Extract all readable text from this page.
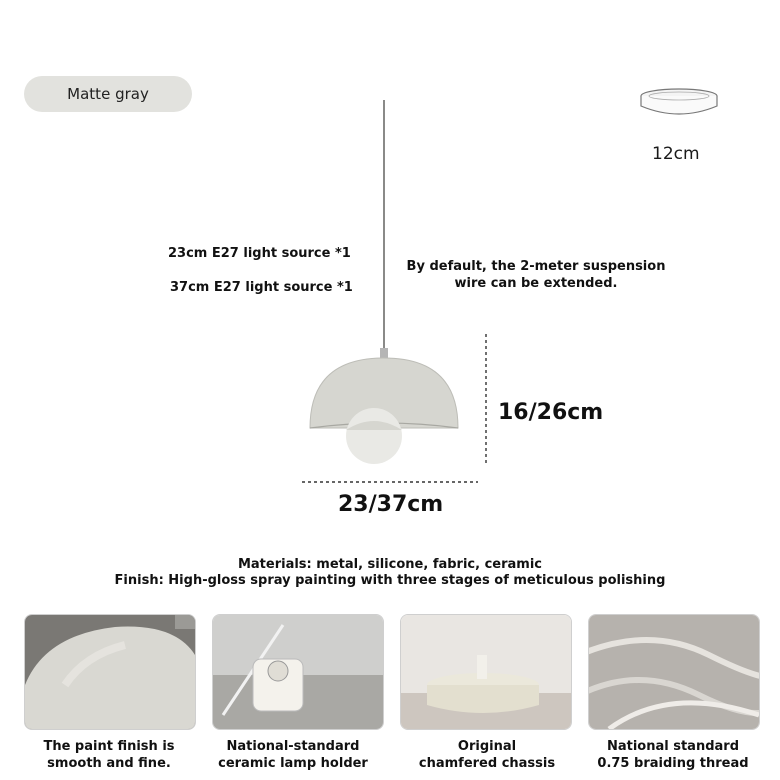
Matte gray
12cm
23cm E27 light source *1
37cm E27 light source *1
By default, the 2-meter suspension
wire can be extended.
16/26cm
23/37cm
Materials: metal, silicone, fabric, ceramic
Finish: High-gloss spray painting with three stages of meticulous polishing
The paint finish is
smooth and fine.
National-standard
ceramic lamp holder
Original
chamfered chassis
National standard
0.75 braiding thread
